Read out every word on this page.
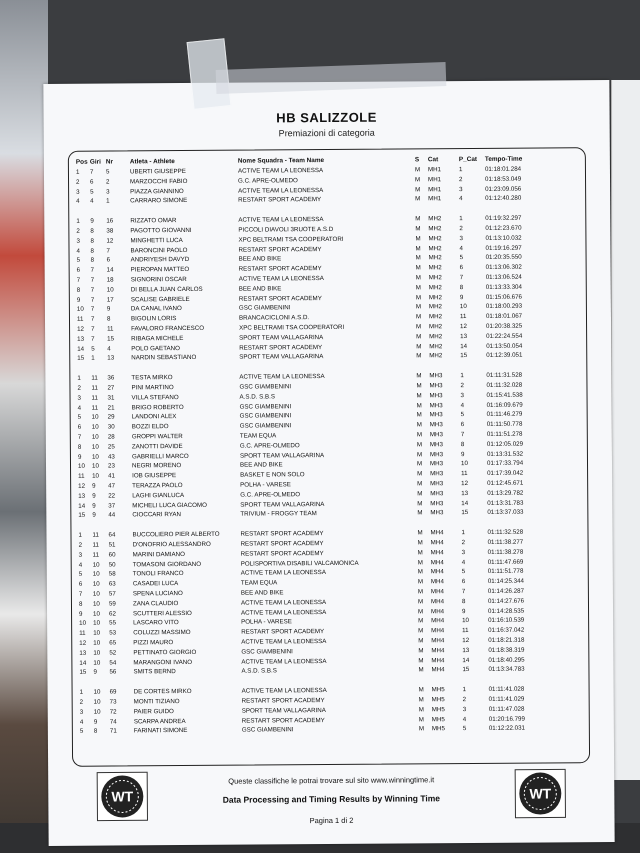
HB SALIZZOLE
Premiazioni di categoria
Pos Giri Nr	Atleta - Athlete	Nome Squadra - Team Name	S	Cat	P_Cat Tempo-Time
1	7	5	UBERTI GIUSEPPE	ACTIVE TEAM LA LEONESSA	M	MH1	1	01:18:01.284
2	6	2	MARZOCCHI FABIO	G.C. APRE-OLMEDO	M	MH1	2	01:18:53.049
3	5	3	PIAZZA GIANNINO	ACTIVE TEAM LA LEONESSA	M	MH1	3	01:23:09.056
4	4	1	CARRARO SIMONE	RESTART SPORT ACADEMY	M	MH1	4	01:12:40.280
1	9	16	RIZZATO OMAR	ACTIVE TEAM LA LEONESSA	M	MH2	1	01:19:32.297
2	8	38	PAGOTTO GIOVANNI	PICCOLI DIAVOLI 3RUOTE A.S.D	M	MH2	2	01:12:23.670
3	8	12	MINGHETTI LUCA	XPC BELTRAMI TSA COOPERATORI	M	MH2	3	01:13:10.032
4	8	7	BARONCINI PAOLO	RESTART SPORT ACADEMY	M	MH2	4	01:19:16.297
5	8	6	ANDRIYESH DAVYD	BEE AND BIKE	M	MH2	5	01:20:35.550
6	7	14	PIEROPAN MATTEO	RESTART SPORT ACADEMY	M	MH2	6	01:13:06.302
7	7	18	SIGNORINI OSCAR	ACTIVE TEAM LA LEONESSA	M	MH2	7	01:13:06.524
8	7	10	DI BELLA JUAN CARLOS	BEE AND BIKE	M	MH2	8	01:13:33.304
9	7	17	SCALISE GABRIELE	RESTART SPORT ACADEMY	M	MH2	9	01:15:06.676
10	7	9	DA CANAL IVANO	GSC GIAMBENINI	M	MH2	10	01:18:00.293
11	7	8	BIGOLIN LORIS	BRANCACICLONI A.S.D.	M	MH2	11	01:18:01.067
12	7	11	FAVALORO FRANCESCO	XPC BELTRAMI TSA COOPERATORI	M	MH2	12	01:20:38.325
13	7	15	RIBAGA MICHELE	SPORT TEAM VALLAGARINA	M	MH2	13	01:22:24.554
14	5	4	POLO GAETANO	RESTART SPORT ACADEMY	M	MH2	14	01:13:50.054
15	1	13	NARDIN SEBASTIANO	SPORT TEAM VALLAGARINA	M	MH2	15	01:12:39.051
1	11	36	TESTA MIRKO	ACTIVE TEAM LA LEONESSA	M	MH3	1	01:11:31.528
2	11	27	PINI MARTINO	GSC GIAMBENINI	M	MH3	2	01:11:32.028
3	11	31	VILLA STEFANO	A.S.D. S.B.S	M	MH3	3	01:15:41.538
4	11	21	BRIGO ROBERTO	GSC GIAMBENINI	M	MH3	4	01:16:09.679
5	10	29	LANDONI ALEX	GSC GIAMBENINI	M	MH3	5	01:11:46.279
6	10	30	BOZZI ELDO	GSC GIAMBENINI	M	MH3	6	01:11:50.778
7	10	28	GROPPI WALTER	TEAM EQUA	M	MH3	7	01:11:51.278
8	10	25	ZANOTTI DAVIDE	G.C. APRE-OLMEDO	M	MH3	8	01:12:05.029
9	10	43	GABRIELLI MARCO	SPORT TEAM VALLAGARINA	M	MH3	9	01:13:31.532
10	10	23	NEGRI MORENO	BEE AND BIKE	M	MH3	10	01:17:33.794
11	10	41	IOB GIUSEPPE	BASKET E NON SOLO	M	MH3	11	01:17:39.042
12	9	47	TERAZZA PAOLO	POLHA - VARESE	M	MH3	12	01:12:45.671
13	9	22	LAGHI GIANLUCA	G.C. APRE-OLMEDO	M	MH3	13	01:13:29.782
14	9	37	MICHELI LUCA GIACOMO	SPORT TEAM VALLAGARINA	M	MH3	14	01:13:31.783
15	9	44	CIOCCARI RYAN	TRIVIUM - FROGGY TEAM	M	MH3	15	01:13:37.033
1	11	64	BUCCOLIERO PIER ALBERTO	RESTART SPORT ACADEMY	M	MH4	1	01:11:32.528
2	11	51	D'ONOFRIO ALESSANDRO	RESTART SPORT ACADEMY	M	MH4	2	01:11:38.277
3	11	60	MARINI DAMIANO	RESTART SPORT ACADEMY	M	MH4	3	01:11:38.278
4	10	50	TOMASONI GIORDANO	POLISPORTIVA DISABILI VALCAMONICA	M	MH4	4	01:11:47.669
5	10	58	TONOLI FRANCO	ACTIVE TEAM LA LEONESSA	M	MH4	5	01:11:51.778
6	10	63	CASADEI LUCA	TEAM EQUA	M	MH4	6	01:14:25.344
7	10	57	SPENA LUCIANO	BEE AND BIKE	M	MH4	7	01:14:26.287
8	10	59	ZANA CLAUDIO	ACTIVE TEAM LA LEONESSA	M	MH4	8	01:14:27.676
9	10	62	SCUTTERI ALESSIO	ACTIVE TEAM LA LEONESSA	M	MH4	9	01:14:28.535
10	10	55	LASCARO VITO	POLHA - VARESE	M	MH4	10	01:16:10.539
11	10	53	COLUZZI MASSIMO	RESTART SPORT ACADEMY	M	MH4	11	01:16:37.042
12	10	65	PIZZI MAURO	ACTIVE TEAM LA LEONESSA	M	MH4	12	01:18:21.318
13	10	52	PETTINATO GIORGIO	GSC GIAMBENINI	M	MH4	13	01:18:38.319
14	10	54	MARANGONI IVANO	ACTIVE TEAM LA LEONESSA	M	MH4	14	01:18:40.295
15	9	56	SMITS BERND	A.S.D. S.B.S	M	MH4	15	01:13:34.783
1	10	69	DE CORTES MIRKO	ACTIVE TEAM LA LEONESSA	M	MH5	1	01:11:41.028
2	10	73	MONTI TIZIANO	RESTART SPORT ACADEMY	M	MH5	2	01:11:41.029
3	10	72	PAIER GUIDO	SPORT TEAM VALLAGARINA	M	MH5	3	01:11:47.028
4	9	74	SCARPA ANDREA	RESTART SPORT ACADEMY	M	MH5	4	01:20:16.799
5	8	71	FARINATI SIMONE	GSC GIAMBENINI	M	MH5	5	01:12:22.031
WT	WT
Queste classifiche le potrai trovare sul sito www.winningtime.it
Data Processing and Timing Results by Winning Time
Pagina 1 di 2
